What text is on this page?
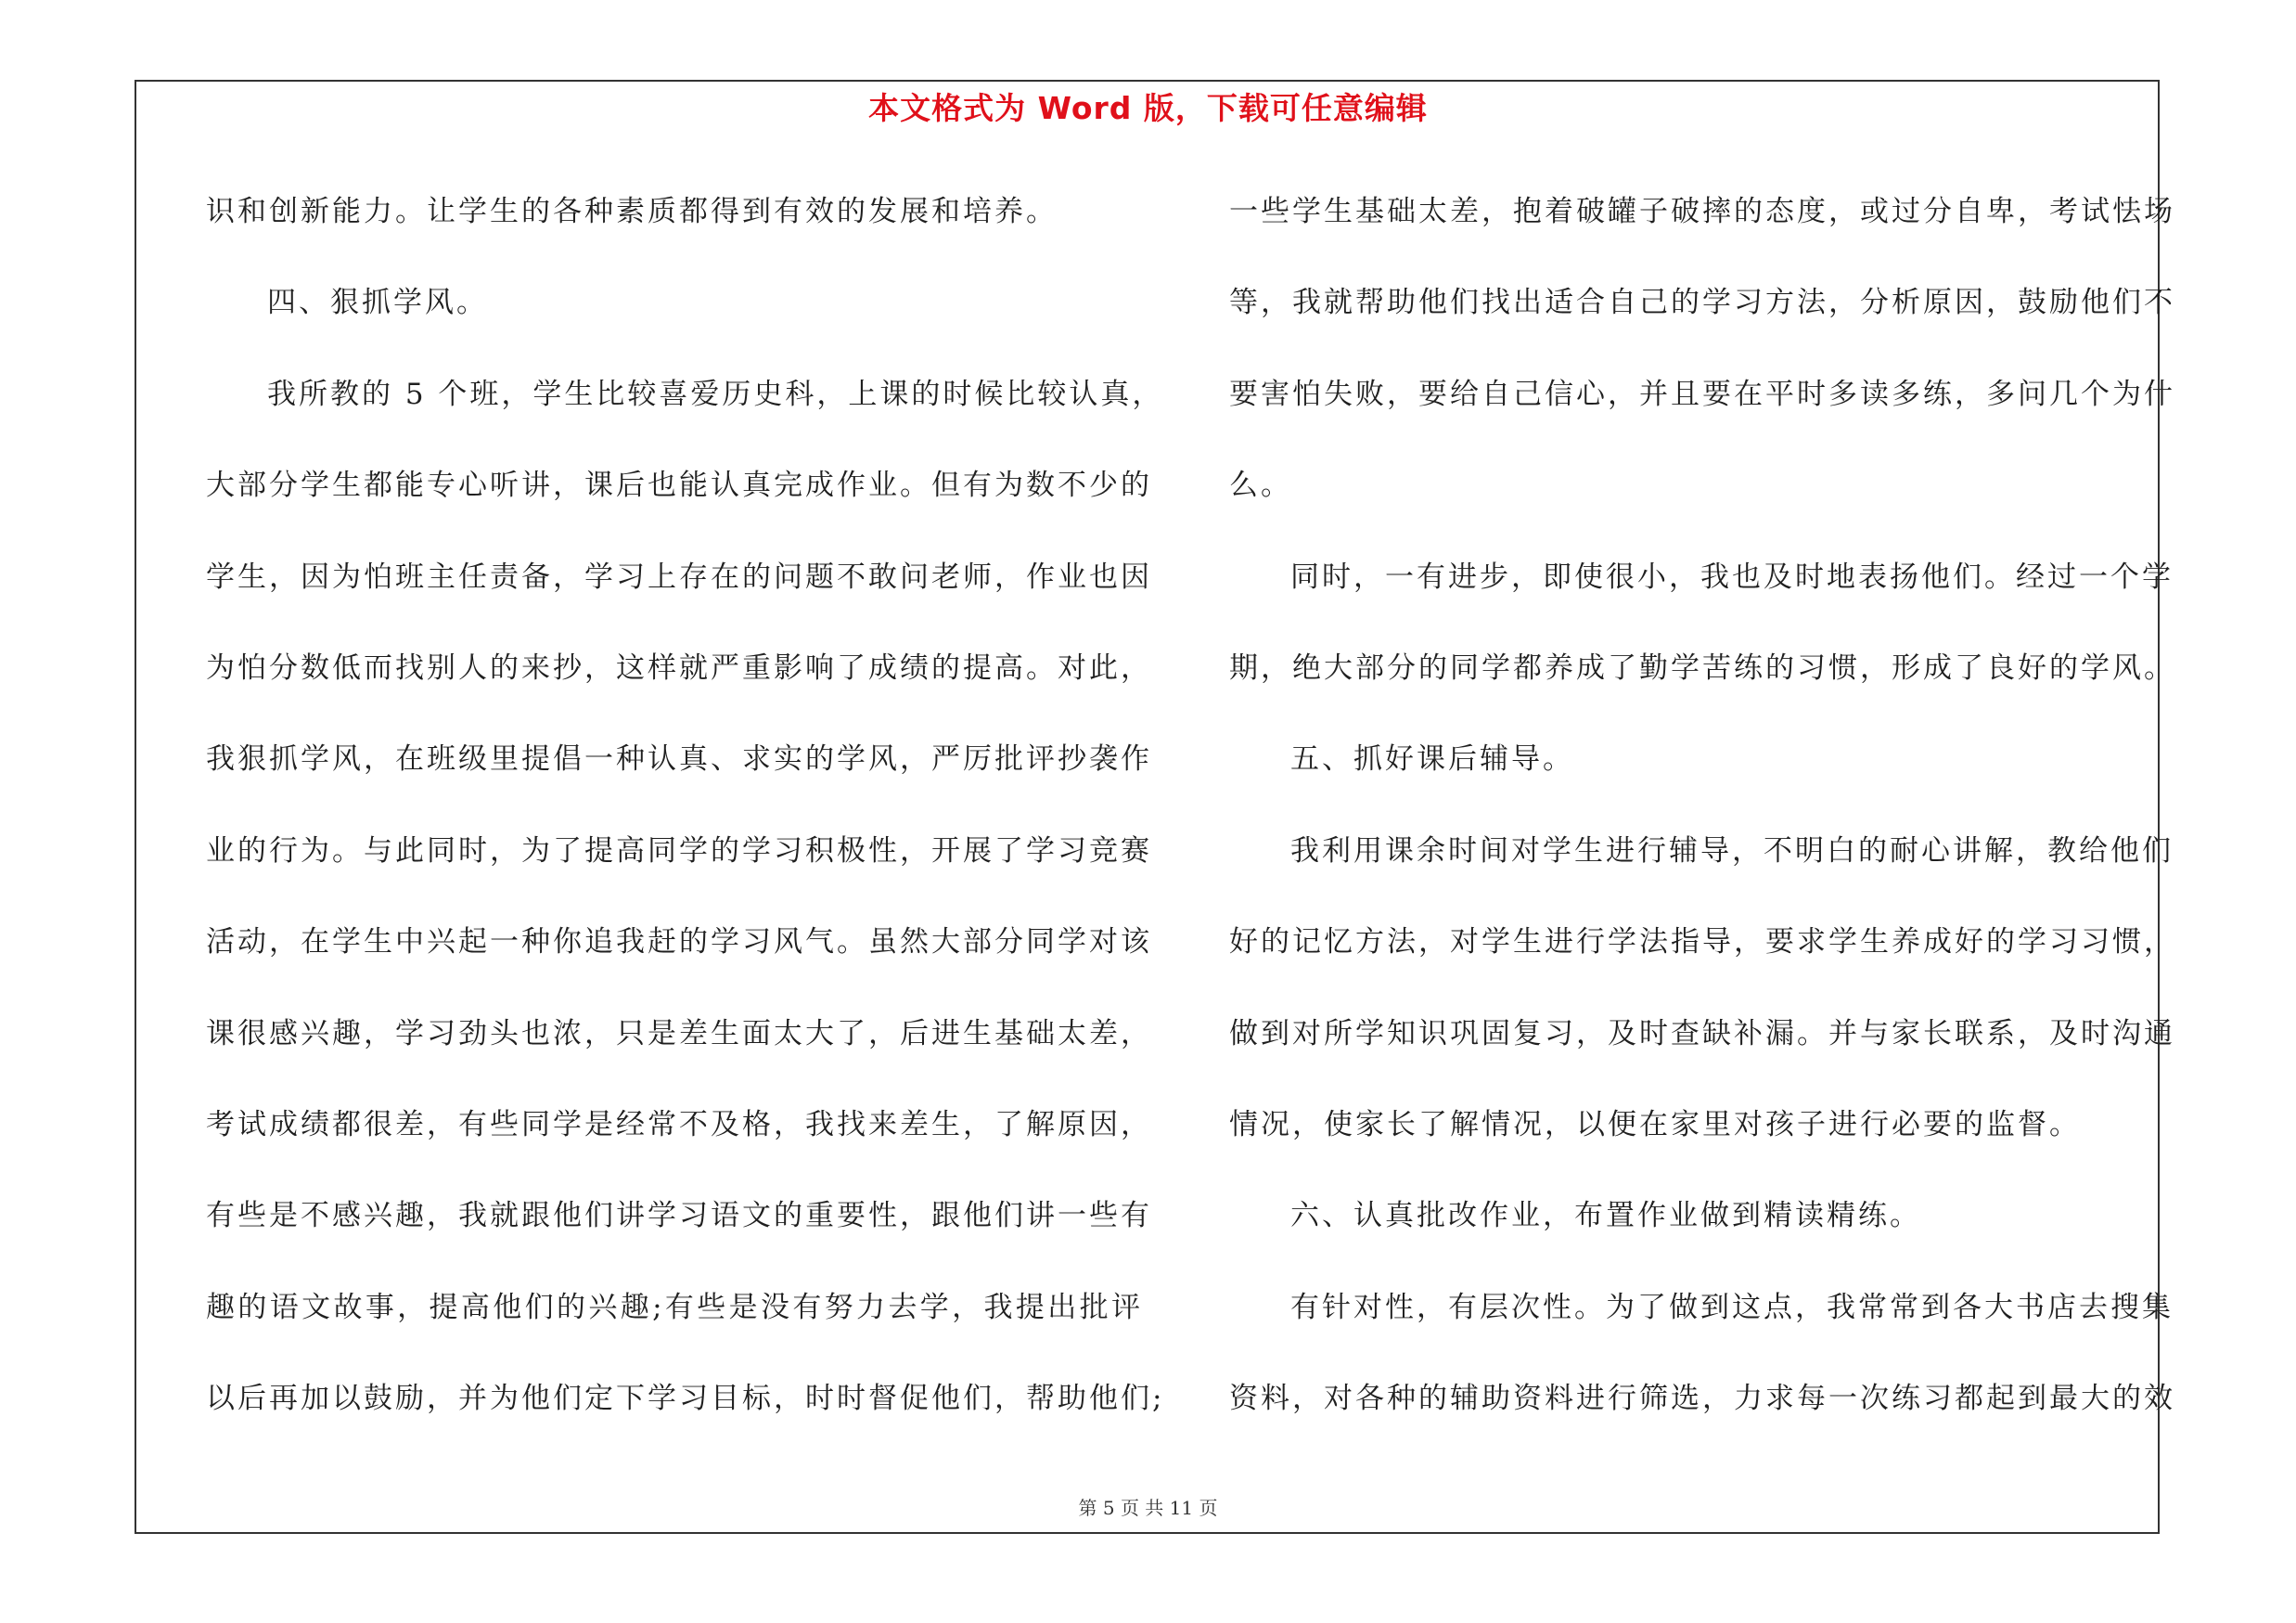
本文格式为 Word 版，下载可任意编辑
识和创新能力。让学生的各种素质都得到有效的发展和培养。
四、狠抓学风。
我所教的 5 个班，学生比较喜爱历史科，上课的时候比较认真，
大部分学生都能专心听讲，课后也能认真完成作业。但有为数不少的
学生，因为怕班主任责备，学习上存在的问题不敢问老师，作业也因
为怕分数低而找别人的来抄，这样就严重影响了成绩的提高。对此，
我狠抓学风，在班级里提倡一种认真、求实的学风，严厉批评抄袭作
业的行为。与此同时，为了提高同学的学习积极性，开展了学习竞赛
活动，在学生中兴起一种你追我赶的学习风气。虽然大部分同学对该
课很感兴趣，学习劲头也浓，只是差生面太大了，后进生基础太差，
考试成绩都很差，有些同学是经常不及格，我找来差生，了解原因，
有些是不感兴趣，我就跟他们讲学习语文的重要性，跟他们讲一些有
趣的语文故事，提高他们的兴趣;有些是没有努力去学，我提出批评
以后再加以鼓励，并为他们定下学习目标，时时督促他们，帮助他们;
一些学生基础太差，抱着破罐子破摔的态度，或过分自卑，考试怯场
等，我就帮助他们找出适合自己的学习方法，分析原因，鼓励他们不
要害怕失败，要给自己信心，并且要在平时多读多练，多问几个为什
么。
同时，一有进步，即使很小，我也及时地表扬他们。经过一个学
期，绝大部分的同学都养成了勤学苦练的习惯，形成了良好的学风。
五、抓好课后辅导。
我利用课余时间对学生进行辅导，不明白的耐心讲解，教给他们
好的记忆方法，对学生进行学法指导，要求学生养成好的学习习惯，
做到对所学知识巩固复习，及时查缺补漏。并与家长联系，及时沟通
情况，使家长了解情况，以便在家里对孩子进行必要的监督。
六、认真批改作业，布置作业做到精读精练。
有针对性，有层次性。为了做到这点，我常常到各大书店去搜集
资料，对各种的辅助资料进行筛选，力求每一次练习都起到最大的效
第 5 页 共 11 页
